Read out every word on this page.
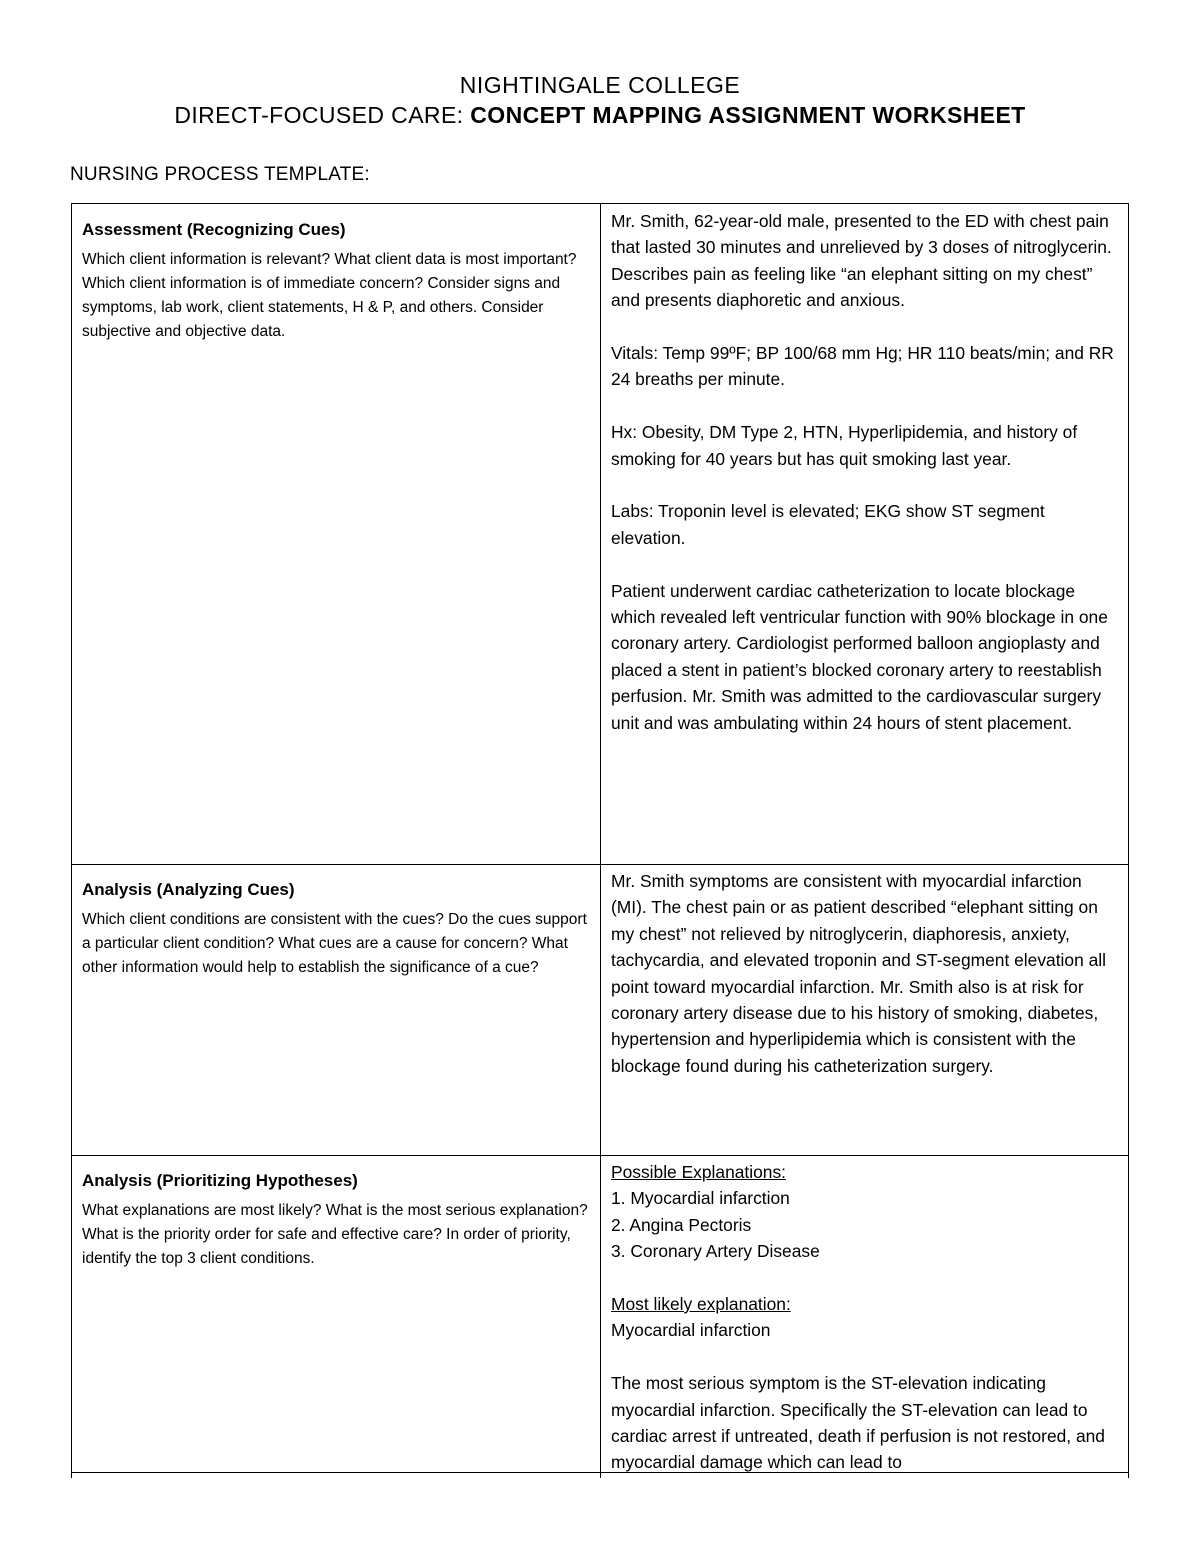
NIGHTINGALE COLLEGE
DIRECT-FOCUSED CARE: CONCEPT MAPPING ASSIGNMENT WORKSHEET
NURSING PROCESS TEMPLATE:
Assessment (Recognizing Cues)
Which client information is relevant? What client data is most important? Which client information is of immediate concern? Consider signs and symptoms, lab work, client statements, H & P, and others. Consider subjective and objective data.

Mr. Smith, 62-year-old male, presented to the ED with chest pain that lasted 30 minutes and unrelieved by 3 doses of nitroglycerin. Describes pain as feeling like “an elephant sitting on my chest” and presents diaphoretic and anxious.

Vitals: Temp 99ºF; BP 100/68 mm Hg; HR 110 beats/min; and RR 24 breaths per minute.

Hx: Obesity, DM Type 2, HTN, Hyperlipidemia, and history of smoking for 40 years but has quit smoking last year.

Labs: Troponin level is elevated; EKG show ST segment elevation.

Patient underwent cardiac catheterization to locate blockage which revealed left ventricular function with 90% blockage in one coronary artery. Cardiologist performed balloon angioplasty and placed a stent in patient’s blocked coronary artery to reestablish perfusion. Mr. Smith was admitted to the cardiovascular surgery unit and was ambulating within 24 hours of stent placement.

Analysis (Analyzing Cues)
Which client conditions are consistent with the cues? Do the cues support a particular client condition? What cues are a cause for concern? What other information would help to establish the significance of a cue?

Mr. Smith symptoms are consistent with myocardial infarction (MI). The chest pain or as patient described “elephant sitting on my chest” not relieved by nitroglycerin, diaphoresis, anxiety, tachycardia, and elevated troponin and ST-segment elevation all point toward myocardial infarction. Mr. Smith also is at risk for coronary artery disease due to his history of smoking, diabetes, hypertension and hyperlipidemia which is consistent with the blockage found during his catheterization surgery.

Analysis (Prioritizing Hypotheses)
What explanations are most likely? What is the most serious explanation? What is the priority order for safe and effective care? In order of priority, identify the top 3 client conditions.
Possible Explanations:
1. Myocardial infarction
2. Angina Pectoris
3. Coronary Artery Disease
Most likely explanation:
Myocardial infarction
The most serious symptom is the ST-elevation indicating myocardial infarction. Specifically the ST-elevation can lead to cardiac arrest if untreated, death if perfusion is not restored, and myocardial damage which can lead to
